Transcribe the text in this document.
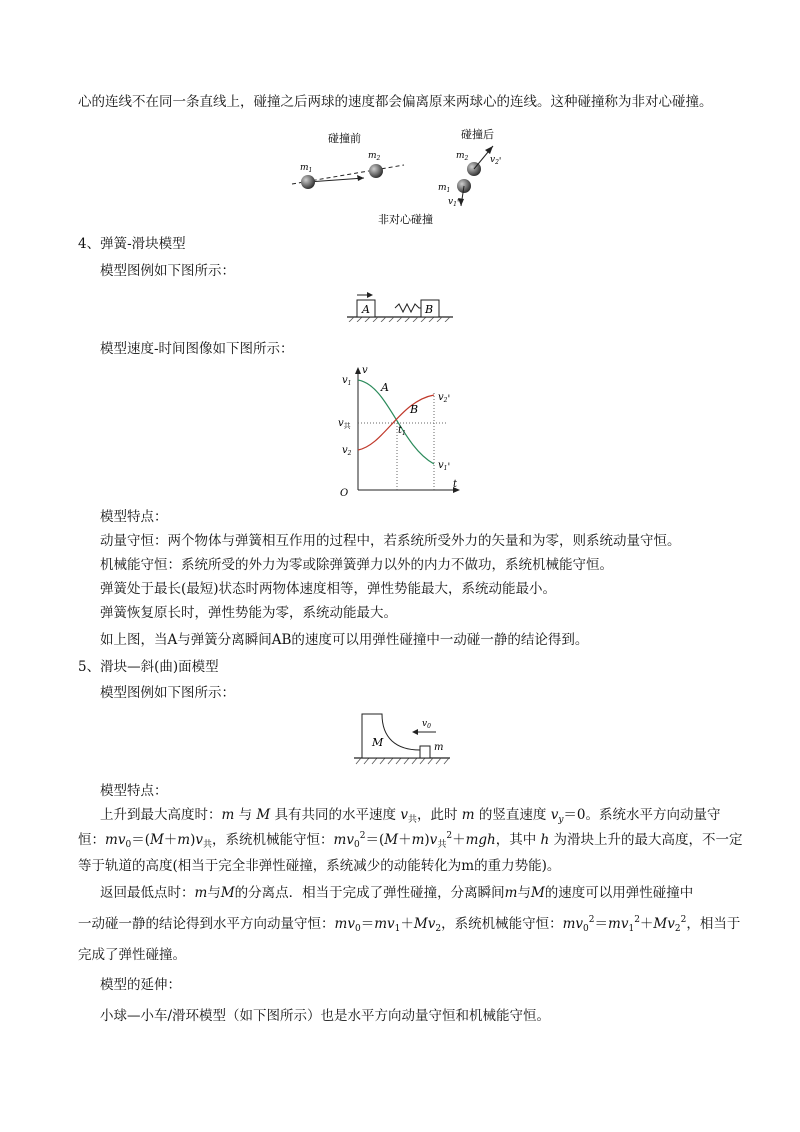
心的连线不在同一条直线上，碰撞之后两球的速度都会偏离原来两球心的连线。这种碰撞称为非对心碰撞。
碰撞前	碰撞后
$m_1$
$m_2$	$m_2$ $v_2'$
$m_1$
$v_1'$
非对心碰撞
4、弹簧-滑块模型
模型图例如下图所示：
A	B
模型速度-时间图像如下图所示：
O
v
t
$v_1$
$v_共$
$v_2$
A
B
$t_1$
$v_2'$
$v_1'$
模型特点：
动量守恒：两个物体与弹簧相互作用的过程中，若系统所受外力的矢量和为零，则系统动量守恒。
机械能守恒：系统所受的外力为零或除弹簧弹力以外的内力不做功，系统机械能守恒。
弹簧处于最长(最短)状态时两物体速度相等，弹性势能最大，系统动能最小。
弹簧恢复原长时，弹性势能为零，系统动能最大。
如上图，当A与弹簧分离瞬间AB的速度可以用弹性碰撞中一动碰一静的结论得到。
5、滑块—斜(曲)面模型
模型图例如下图所示：
M	m
$v_0$
模型特点：
上升到最大高度时：m 与 M 具有共同的水平速度 $v_共$，此时 m 的竖直速度 $v_y=0$。系统水平方向动量守
恒：$mv_0=(M+m)v_共$，系统机械能守恒：$mv_0^2=(M+m)v_共^2+mgh$，其中 h 为滑块上升的最大高度，不一定
等于轨道的高度(相当于完全非弹性碰撞，系统减少的动能转化为m的重力势能)。
返回最低点时：m与M的分离点．相当于完成了弹性碰撞，分离瞬间m与M的速度可以用弹性碰撞中
一动碰一静的结论得到水平方向动量守恒：$mv_0=mv_1+Mv_2$，系统机械能守恒：$mv_0^2=mv_1^2+Mv_2^2$，相当于
完成了弹性碰撞。
模型的延伸：
小球—小车/滑环模型（如下图所示）也是水平方向动量守恒和机械能守恒。
